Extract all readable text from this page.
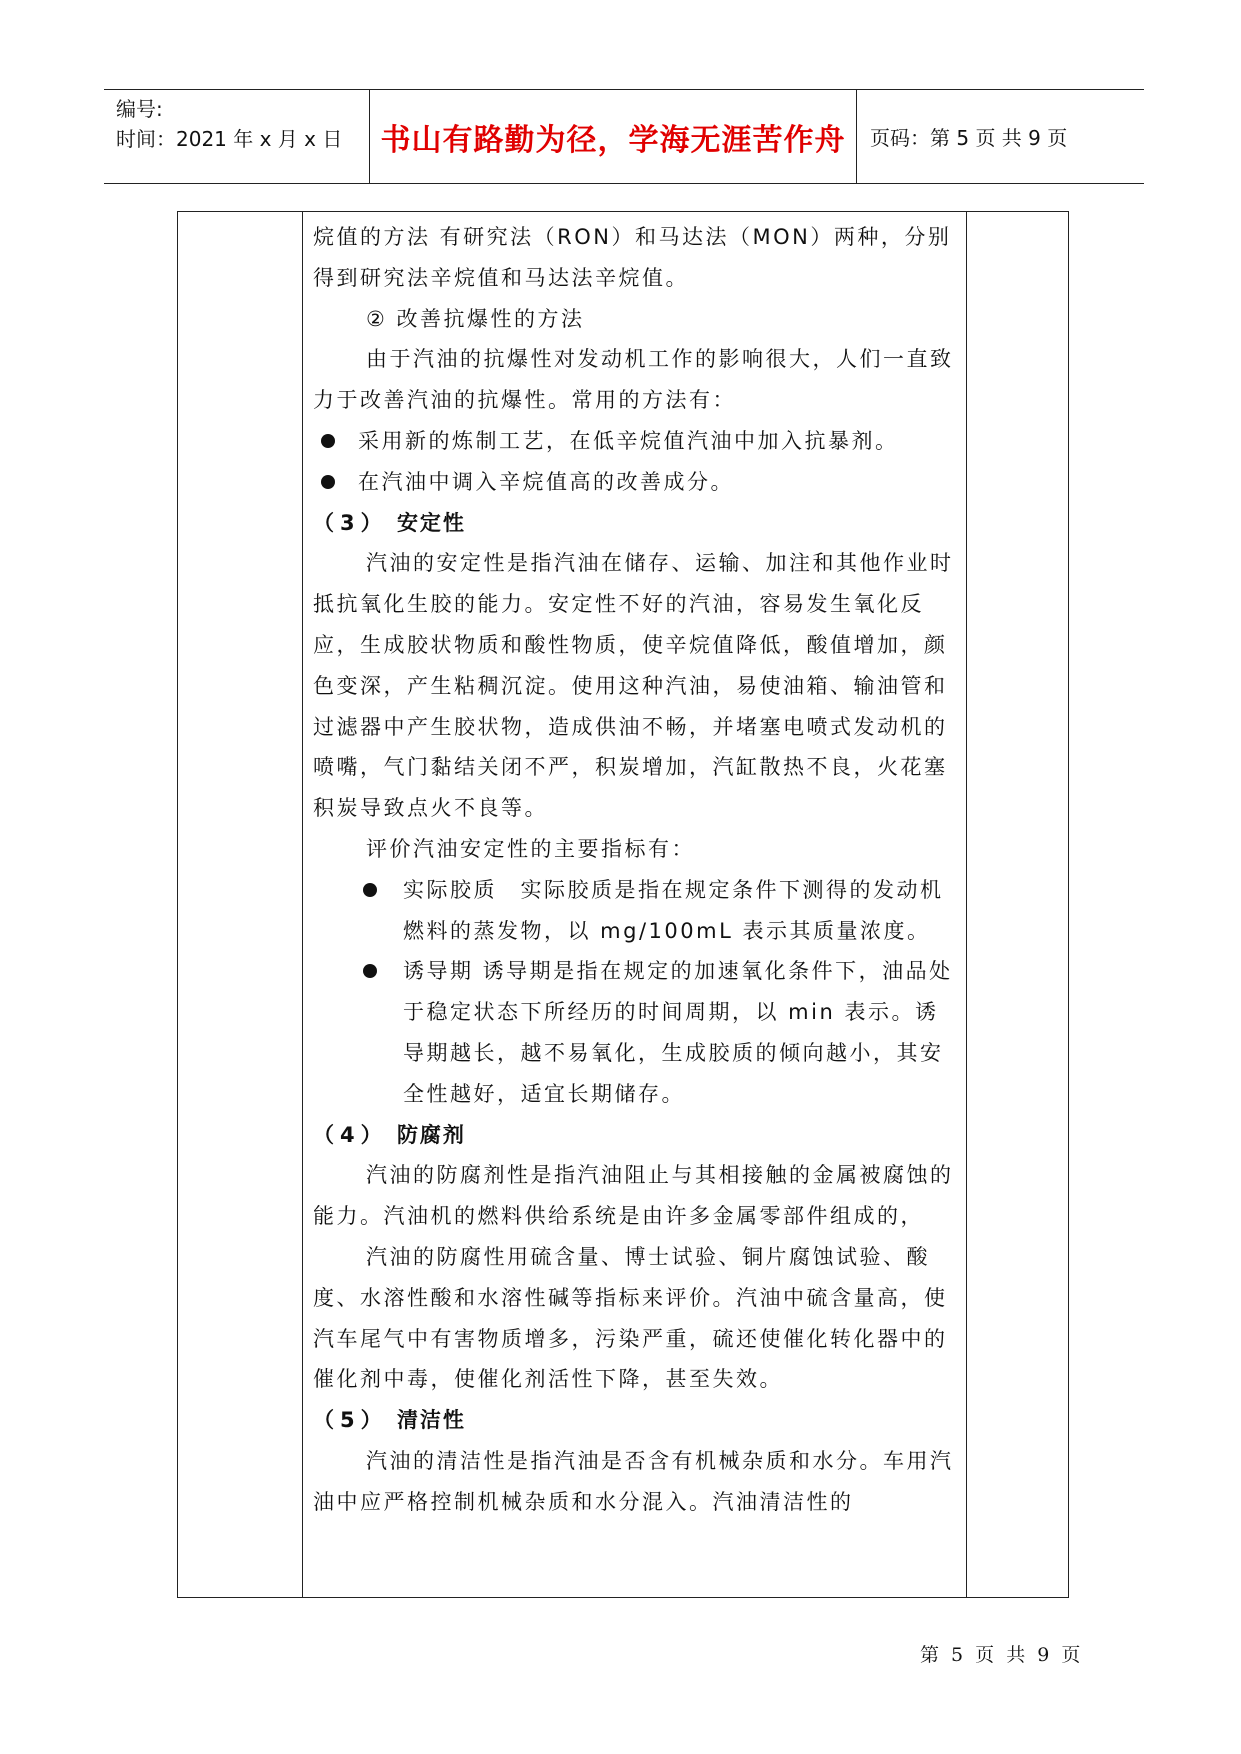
编号:
时间：2021 年 x 月 x 日	书山有路勤为径，学海无涯苦作舟	页码：第 5 页 共 9 页

烷值的方法 有研究法（RON）和马达法（MON）两种，分别得到研究法辛烷值和马达法辛烷值。

② 改善抗爆性的方法

由于汽油的抗爆性对发动机工作的影响很大，人们一直致力于改善汽油的抗爆性。常用的方法有：

采用新的炼制工艺，在低辛烷值汽油中加入抗暴剂。
在汽油中调入辛烷值高的改善成分。

（3） 安定性

汽油的安定性是指汽油在储存、运输、加注和其他作业时抵抗氧化生胶的能力。安定性不好的汽油，容易发生氧化反应，生成胶状物质和酸性物质，使辛烷值降低，酸值增加，颜色变深，产生粘稠沉淀。使用这种汽油，易使油箱、输油管和过滤器中产生胶状物，造成供油不畅，并堵塞电喷式发动机的喷嘴，气门黏结关闭不严，积炭增加，汽缸散热不良，火花塞积炭导致点火不良等。

评价汽油安定性的主要指标有：

实际胶质　实际胶质是指在规定条件下测得的发动机燃料的蒸发物，以 mg/100mL 表示其质量浓度。
诱导期 诱导期是指在规定的加速氧化条件下，油品处于稳定状态下所经历的时间周期，以 min 表示。诱导期越长，越不易氧化，生成胶质的倾向越小，其安全性越好，适宜长期储存。

（4） 防腐剂

汽油的防腐剂性是指汽油阻止与其相接触的金属被腐蚀的能力。汽油机的燃料供给系统是由许多金属零部件组成的，

汽油的防腐性用硫含量、博士试验、铜片腐蚀试验、酸度、水溶性酸和水溶性碱等指标来评价。汽油中硫含量高，使汽车尾气中有害物质增多，污染严重，硫还使催化转化器中的催化剂中毒，使催化剂活性下降，甚至失效。

（5） 清洁性

汽油的清洁性是指汽油是否含有机械杂质和水分。车用汽油中应严格控制机械杂质和水分混入。汽油清洁性的

第 5 页 共 9 页
